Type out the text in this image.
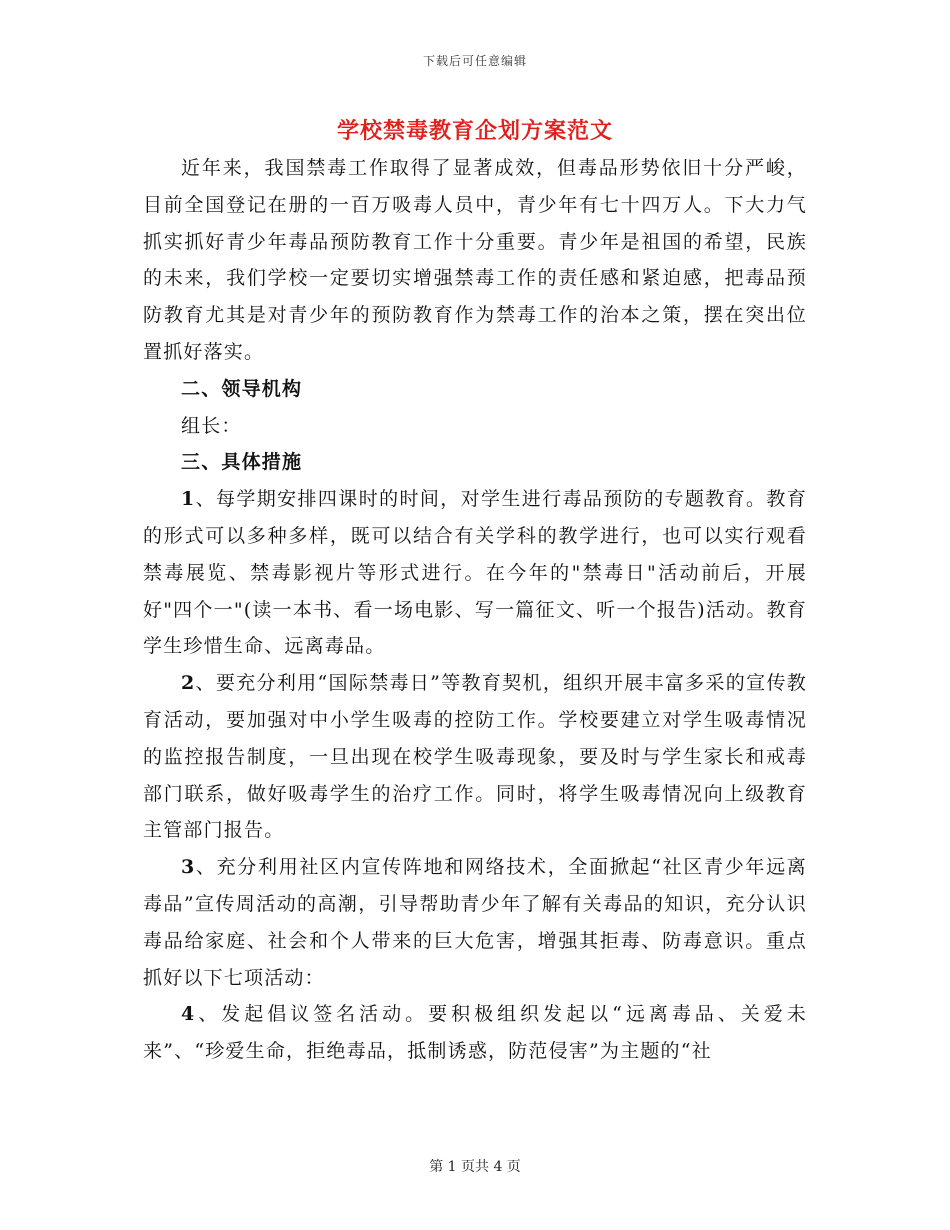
下载后可任意编辑
学校禁毒教育企划方案范文

近年来，我国禁毒工作取得了显著成效，但毒品形势依旧十分严峻，目前全国登记在册的一百万吸毒人员中，青少年有七十四万人。下大力气抓实抓好青少年毒品预防教育工作十分重要。青少年是祖国的希望，民族的未来，我们学校一定要切实增强禁毒工作的责任感和紧迫感，把毒品预防教育尤其是对青少年的预防教育作为禁毒工作的治本之策，摆在突出位置抓好落实。

二、领导机构

组长：

三、具体措施

1、每学期安排四课时的时间，对学生进行毒品预防的专题教育。教育的形式可以多种多样，既可以结合有关学科的教学进行，也可以实行观看禁毒展览、禁毒影视片等形式进行。在今年的"禁毒日"活动前后，开展好"四个一"(读一本书、看一场电影、写一篇征文、听一个报告)活动。教育学生珍惜生命、远离毒品。

2、要充分利用“国际禁毒日”等教育契机，组织开展丰富多采的宣传教育活动，要加强对中小学生吸毒的控防工作。学校要建立对学生吸毒情况的监控报告制度，一旦出现在校学生吸毒现象，要及时与学生家长和戒毒部门联系，做好吸毒学生的治疗工作。同时，将学生吸毒情况向上级教育主管部门报告。

3、充分利用社区内宣传阵地和网络技术，全面掀起“社区青少年远离毒品”宣传周活动的高潮，引导帮助青少年了解有关毒品的知识，充分认识毒品给家庭、社会和个人带来的巨大危害，增强其拒毒、防毒意识。重点抓好以下七项活动：

4、发起倡议签名活动。要积极组织发起以“远离毒品、关爱未来”、“珍爱生命，拒绝毒品，抵制诱惑，防范侵害”为主题的“社

第 1 页共 4 页
